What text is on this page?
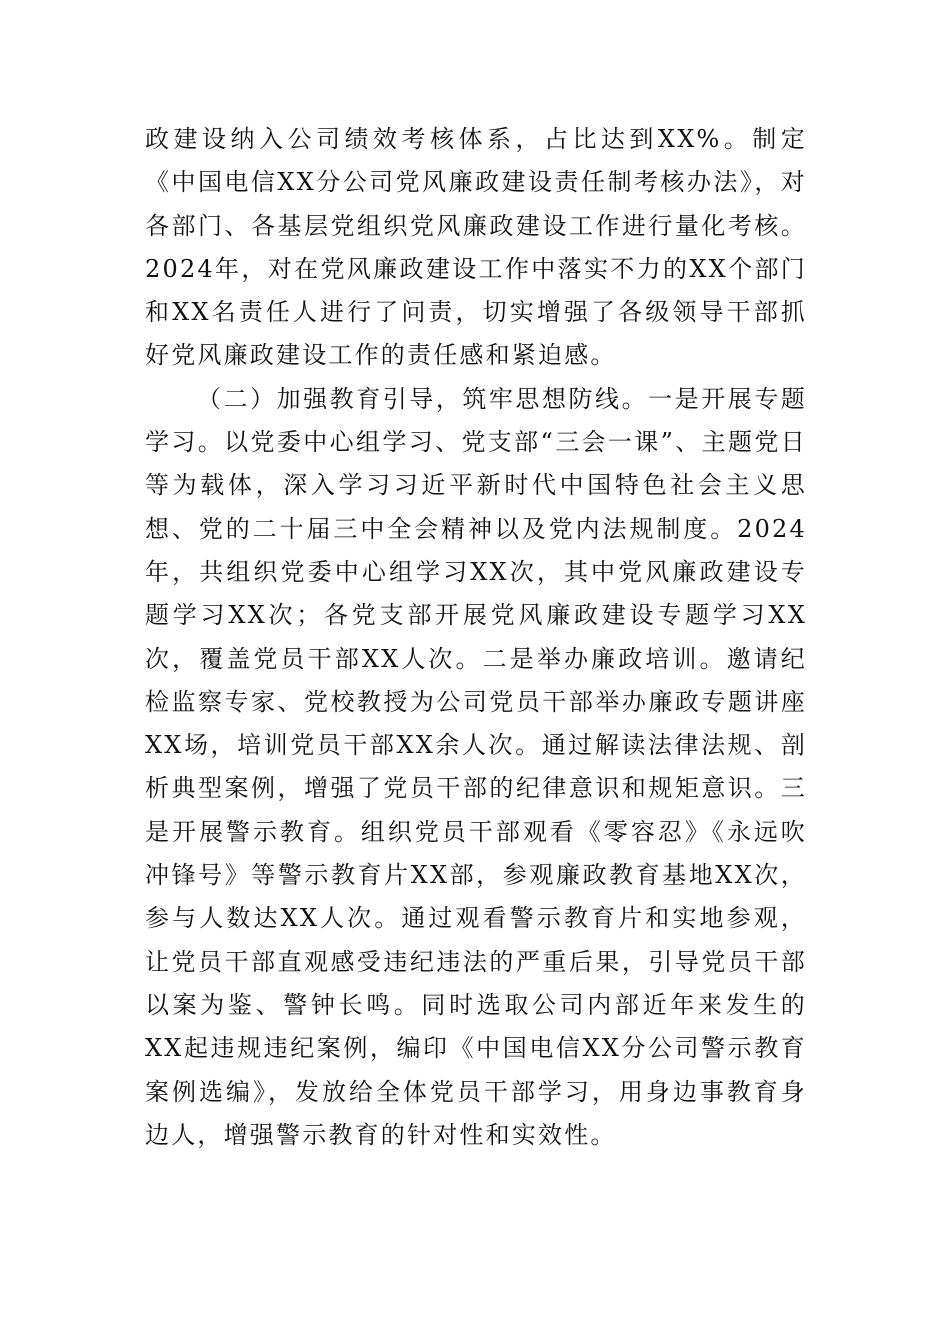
政建设纳入公司绩效考核体系，占比达到XX%。制定《中国电信XX分公司党风廉政建设责任制考核办法》，对各部门、各基层党组织党风廉政建设工作进行量化考核。2024年，对在党风廉政建设工作中落实不力的XX个部门和XX名责任人进行了问责，切实增强了各级领导干部抓好党风廉政建设工作的责任感和紧迫感。

（二）加强教育引导，筑牢思想防线。一是开展专题学习。以党委中心组学习、党支部“三会一课”、主题党日等为载体，深入学习习近平新时代中国特色社会主义思想、党的二十届三中全会精神以及党内法规制度。2024年，共组织党委中心组学习XX次，其中党风廉政建设专题学习XX次；各党支部开展党风廉政建设专题学习XX次，覆盖党员干部XX人次。二是举办廉政培训。邀请纪检监察专家、党校教授为公司党员干部举办廉政专题讲座XX场，培训党员干部XX余人次。通过解读法律法规、剖析典型案例，增强了党员干部的纪律意识和规矩意识。三是开展警示教育。组织党员干部观看《零容忍》《永远吹冲锋号》等警示教育片XX部，参观廉政教育基地XX次，参与人数达XX人次。通过观看警示教育片和实地参观，让党员干部直观感受违纪违法的严重后果，引导党员干部以案为鉴、警钟长鸣。同时选取公司内部近年来发生的XX起违规违纪案例，编印《中国电信XX分公司警示教育案例选编》，发放给全体党员干部学习，用身边事教育身边人，增强警示教育的针对性和实效性。
